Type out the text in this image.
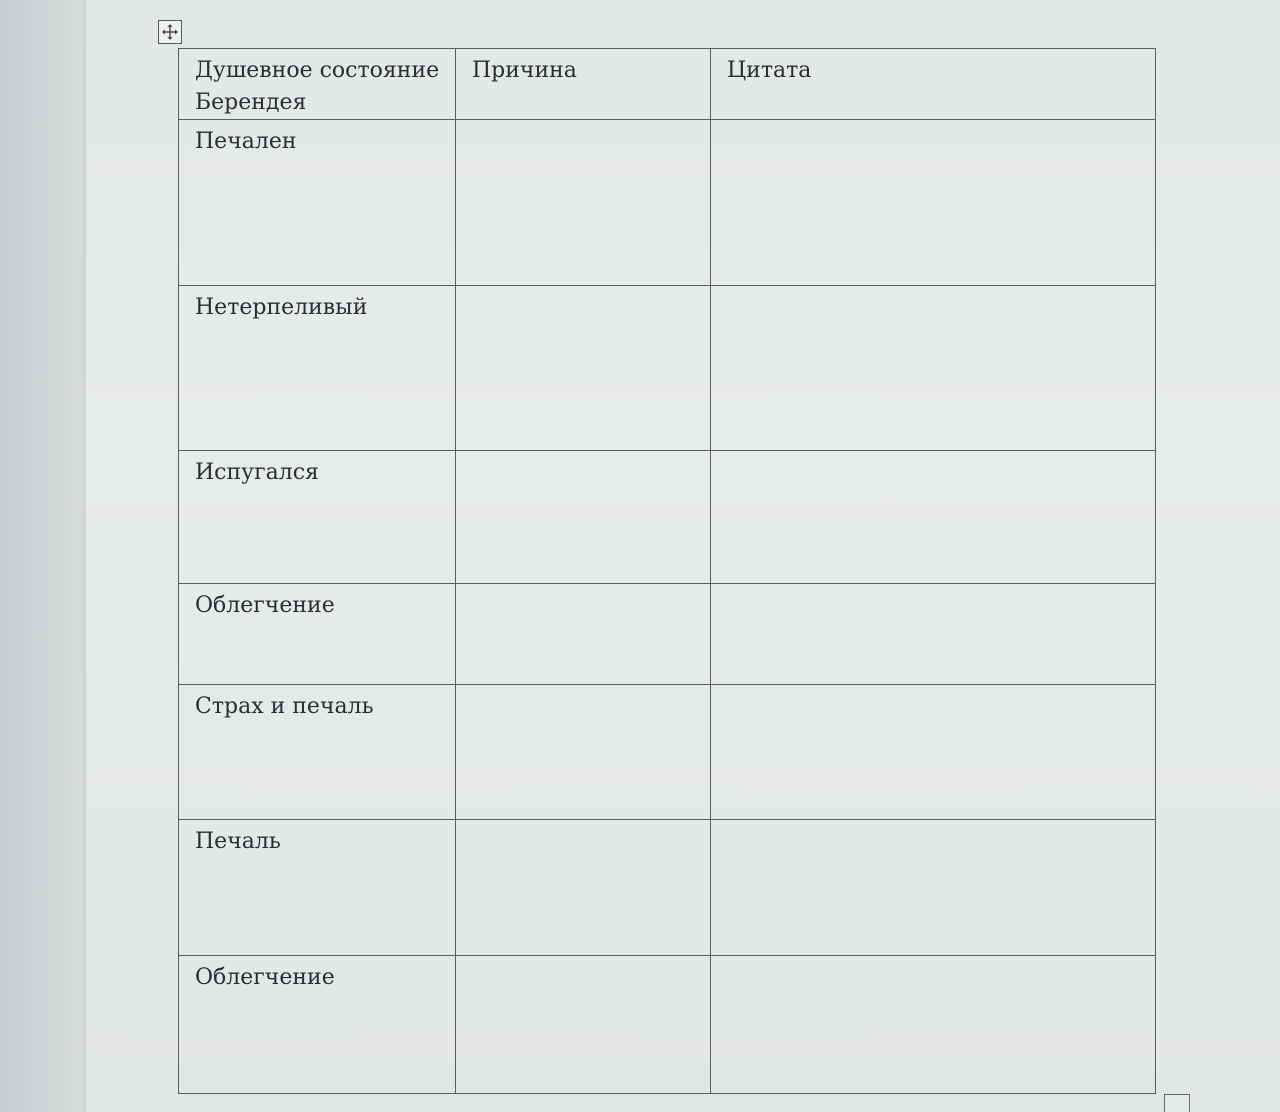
Душевное состояние Берендея	Причина	Цитата
Печален		
Нетерпеливый		
Испугался		
Облегчение		
Страх и печаль		
Печаль		
Облегчение		
